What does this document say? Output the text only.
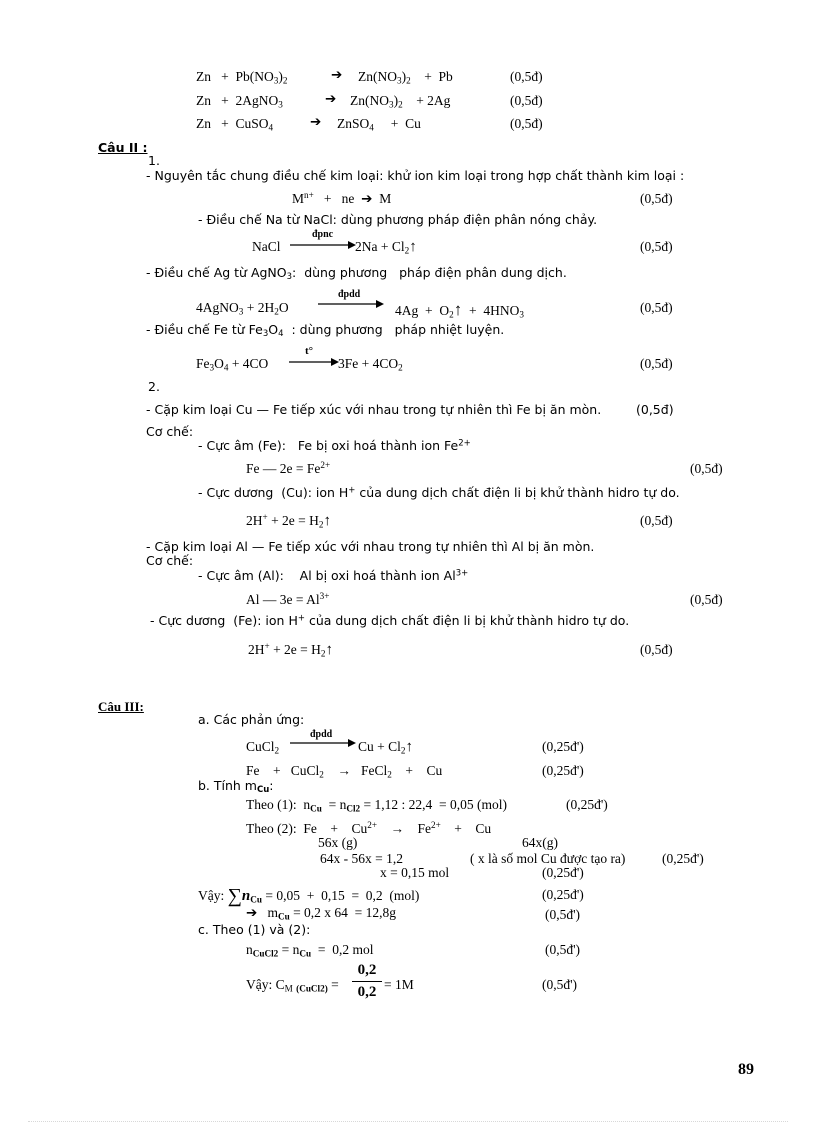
$Zn + Pb(NO_3)_2$	➔ $Zn(NO_3)_2$    +  Pb	(0,5đ)
Zn   +  2AgNO$_3$	➔ $Zn(NO_3)_2$    + 2Ag	(0,5đ)
Zn   +  CuSO$_4$	➔ ZnSO$_4$     +  Cu	(0,5đ)
Câu II :
1.
- Nguyên tắc chung điều chế kim loại: khử ion kim loại trong hợp chất thành kim loại :
$M^{n+}$   +   ne  ➔  M	(0,5đ)
- Điều chế Na từ NaCl: dùng phương pháp điện phân nóng chảy.
đpnc
NaCl	$2Na + Cl_2↑$	(0,5đ)
- Điều chế Ag từ AgNO$_3$:  dùng phương   pháp điện phân dung dịch.
đpdd
4AgNO$_3$ + $2H_2O$	$4Ag + O_2↑ + 4HNO_3$	(0,5đ)
- Điều chế Fe từ $Fe_3O_4$  : dùng phương   pháp nhiệt luyện.
t°
$Fe_3O_4 + 4CO$	$3Fe + 4CO_2$	(0,5đ)
2.
- Cặp kim loại Cu — Fe tiếp xúc với nhau trong tự nhiên thì Fe bị ăn mòn.	(0,5đ)
Cơ chế:
- Cực âm (Fe):   Fe bị oxi hoá thành ion $Fe^{2+}$
Fe — $2e = Fe^{2+}$	(0,5đ)
- Cực dương  (Cu): ion H+ của dung dịch chất điện li bị khử thành hidro tự do.
$2H^+ + 2e = H_2↑$	(0,5đ)
- Cặp kim loại Al — Fe tiếp xúc với nhau trong tự nhiên thì Al bị ăn mòn.
Cơ chế:
- Cực âm (Al):    Al bị oxi hoá thành ion $Al^{3+}$
Al — $3e = Al^{3+}$	(0,5đ)
- Cực dương  (Fe): ion H+ của dung dịch chất điện li bị khử thành hidro tự do.
$2H^+ + 2e = H_2↑$	(0,5đ)
Câu III:
a. Các phản ứng:
đpdd
CuCl$_2$	$Cu + Cl_2↑$	(0,25đ')
Fe    +   CuCl$_2$ →   FeCl$_2$    +    Cu	(0,25đ')
b. Tính $m_{Cu}$:
Theo (1):  $n_{Cu} = n_{Cl2} = 1,12$ : 22,4  = 0,05 (mol)	(0,25đ')
Theo (2):  Fe    +    $Cu^{2+}$ →    $Fe^{2+}$    +    Cu
56x (g)	64x(g)
64x - 56x = 1,2	( x là số mol Cu được tạo ra)	(0,25đ')
x = 0,15 mol	(0,25đ')
Vậy: $\sum n_{Cu} = 0,05 + 0,15 = 0,2$  (mol)	(0,25đ')
➔   $m_{Cu} = 0,2$ x 64  = 12,8g	(0,5đ')
c. Theo (1) và (2):
$n_{CuCl2} = n_{Cu} = 0,2$ mol	(0,5đ')
Vậy: $C_M$ $_{(CuCl2)}$ =
0,2
0,2 = 1M	(0,5đ')
89
